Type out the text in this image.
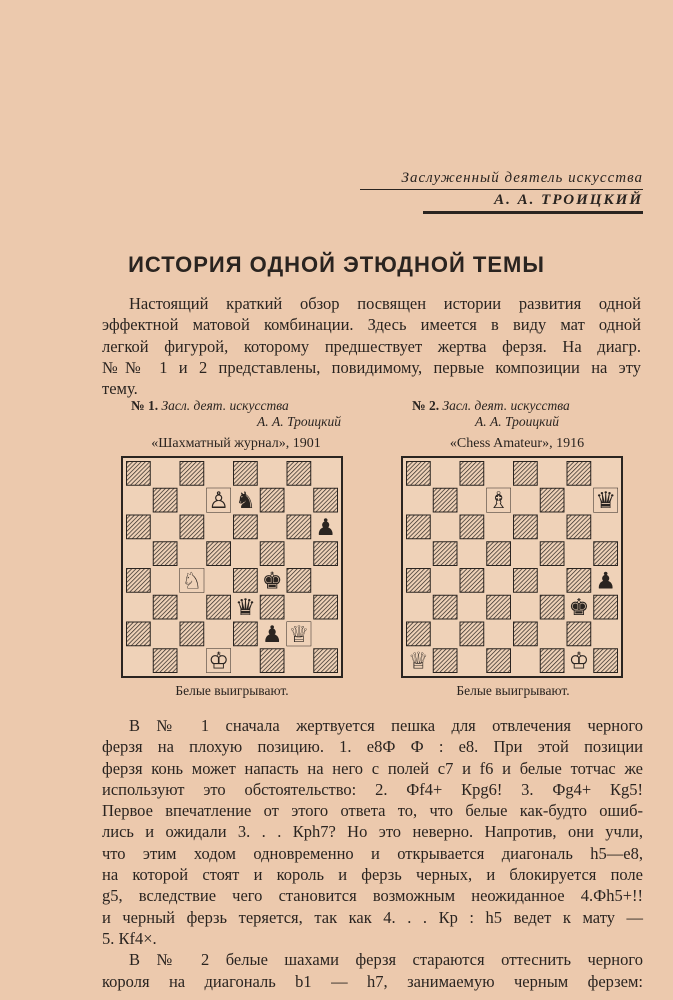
Заслуженный деятель искусства
А. А. ТРОИЦКИЙ
ИСТОРИЯ ОДНОЙ ЭТЮДНОЙ ТЕМЫ
Настоящий краткий обзор посвящен истории развития одной
эффектной матовой комбинации. Здесь имеется в виду мат одной
легкой фигурой, которому предшествует жертва ферзя. На диагр.
№№ 1 и 2 представлены, повидимому, первые композиции на эту
тему.
№ 1. Засл. деят. искусства
А. А. Троицкий
«Шахматный журнал», 1901
♙ ♞
♟
♘	♚
♛
♟ ♕
♔
Белые выигрывают.
№ 2. Засл. деят. искусства
А. А. Троицкий
«Chess Amateur», 1916
♗	♛
♟
♚
♔
♕
Белые выигрывают.
В № 1 сначала жертвуется пешка для отвлечения черного
ферзя на плохую позицию. 1. e8Ф Ф : e8. При этой позиции
ферзя конь может напасть на него с полей c7 и f6 и белые тотчас же
используют это обстоятельство: 2. Фf4+ Крg6! 3. Фg4+ Кg5!
Первое впечатление от этого ответа то, что белые как-будто ошиб-
лись и ожидали 3. . . Крh7? Но это неверно. Напротив, они учли,
что этим ходом одновременно и открывается диагональ h5—e8,
на которой стоят и король и ферзь черных, и блокируется поле
g5, вследствие чего становится возможным неожиданное 4.Фh5+!!
и черный ферзь теряется, так как 4. . . Кр : h5 ведет к мату —
5. Кf4×.
В № 2 белые шахами ферзя стараются оттеснить черного
короля на диагональ b1 — h7, занимаемую черным ферзем:
